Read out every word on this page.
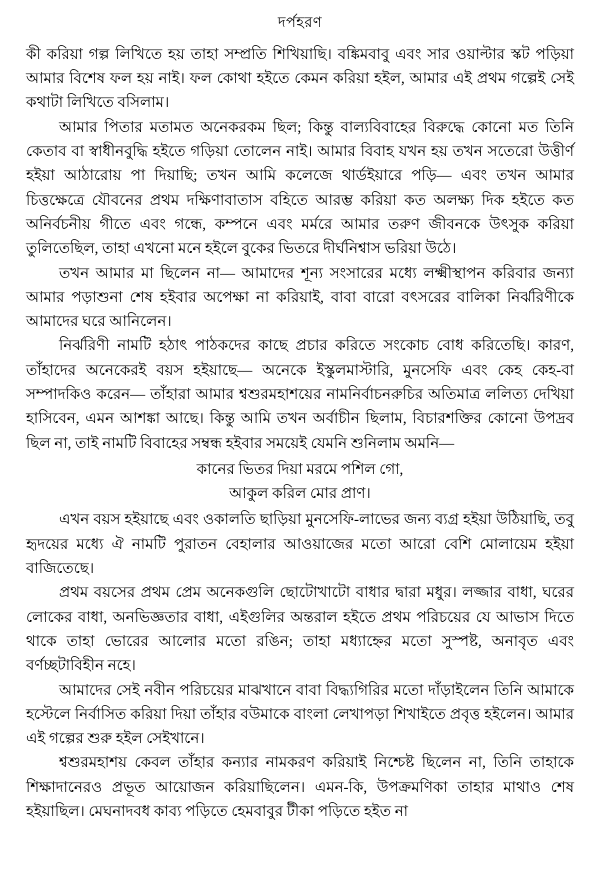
দর্পহরণ

কী করিয়া গল্প লিখিতে হয় তাহা সম্প্রতি শিখিয়াছি। বঙ্কিমবাবু এবং সার ওয়াল্টার স্কট পড়িয়া আমার বিশেষ ফল হয় নাই। ফল কোথা হইতে কেমন করিয়া হইল, আমার এই প্রথম গল্পেই সেই কথাটা লিখিতে বসিলাম।

আমার পিতার মতামত অনেকরকম ছিল; কিন্তু বাল্যবিবাহের বিরুদ্ধে কোনো মত তিনি কেতাব বা স্বাধীনবুদ্ধি হইতে গড়িয়া তোলেন নাই। আমার বিবাহ যখন হয় তখন সতেরো উত্তীর্ণ হইয়া আঠারোয় পা দিয়াছি; তখন আমি কলেজে থার্ডইয়ারে পড়ি— এবং তখন আমার চিত্তক্ষেত্রে যৌবনের প্রথম দক্ষিণাবাতাস বহিতে আরম্ভ করিয়া কত অলক্ষ্য দিক হইতে কত অনির্বচনীয় গীতে এবং গন্ধে, কম্পনে এবং মর্মরে আমার তরুণ জীবনকে উৎসুক করিয়া তুলিতেছিল, তাহা এখনো মনে হইলে বুকের ভিতরে দীর্ঘনিশ্বাস ভরিয়া উঠে।

তখন আমার মা ছিলেন না— আমাদের শূন্য সংসারের মধ্যে লক্ষ্মীস্থাপন করিবার জন্যা আমার পড়াশুনা শেষ হইবার অপেক্ষা না করিয়াই, বাবা বারো বৎসরের বালিকা নির্ঝরিণীকে আমাদের ঘরে আনিলেন।

নির্ঝরিণী নামটি হঠাৎ পাঠকদের কাছে প্রচার করিতে সংকোচ বোধ করিতেছি। কারণ, তাঁহাদের অনেকেরই বয়স হইয়াছে— অনেকে ইস্কুলমাস্টারি, মুনসেফি এবং কেহ কেহ-বা সম্পাদকিও করেন— তাঁহারা আমার শ্বশুরমহাশয়ের নামনির্বাচনরুচির অতিমাত্র ললিত্য দেখিয়া হাসিবেন, এমন আশঙ্কা আছে। কিন্তু আমি তখন অর্বাচীন ছিলাম, বিচারশক্তির কোনো উপদ্রব ছিল না, তাই নামটি বিবাহের সম্বন্ধ হইবার সময়েই যেমনি শুনিলাম অমনি—

কানের ভিতর দিয়া মরমে পশিল গো,
আকুল করিল মোর প্রাণ।

এখন বয়স হইয়াছে এবং ওকালতি ছাড়িয়া মুনসেফি-লাভের জন্য ব্যগ্র হইয়া উঠিয়াছি, তবু হৃদয়ের মধ্যে ঐ নামটি পুরাতন বেহালার আওয়াজের মতো আরো বেশি মোলায়েম হইয়া বাজিতেছে।

প্রথম বয়সের প্রথম প্রেম অনেকগুলি ছোটোখাটো বাধার দ্বারা মধুর। লজ্জার বাধা, ঘরের লোকের বাধা, অনভিজ্ঞতার বাধা, এইগুলির অন্তরাল হইতে প্রথম পরিচয়ের যে আভাস দিতে থাকে তাহা ভোরের আলোর মতো রঙিন; তাহা মধ্যাহ্নের মতো সুস্পষ্ট, অনাবৃত এবং বর্ণচ্ছটাবিহীন নহে।

আমাদের সেই নবীন পরিচয়ের মাঝখানে বাবা বিদ্ধ্যগিরির মতো দাঁড়াইলেন তিনি আমাকে হস্টেলে নির্বাসিত করিয়া দিয়া তাঁহার বউমাকে বাংলা লেখাপড়া শিখাইতে প্রবৃত্ত হইলেন। আমার এই গল্পের শুরু হইল সেইখানে।

শ্বশুরমহাশয় কেবল তাঁহার কন্যার নামকরণ করিয়াই নিশ্চেষ্ট ছিলেন না, তিনি তাহাকে শিক্ষাদানেরও প্রভূত আয়োজন করিয়াছিলেন। এমন-কি, উপক্রমণিকা তাহার মাথাও শেষ হইয়াছিল। মেঘনাদবধ কাব্য পড়িতে হেমবাবুর টীকা পড়িতে হইত না
